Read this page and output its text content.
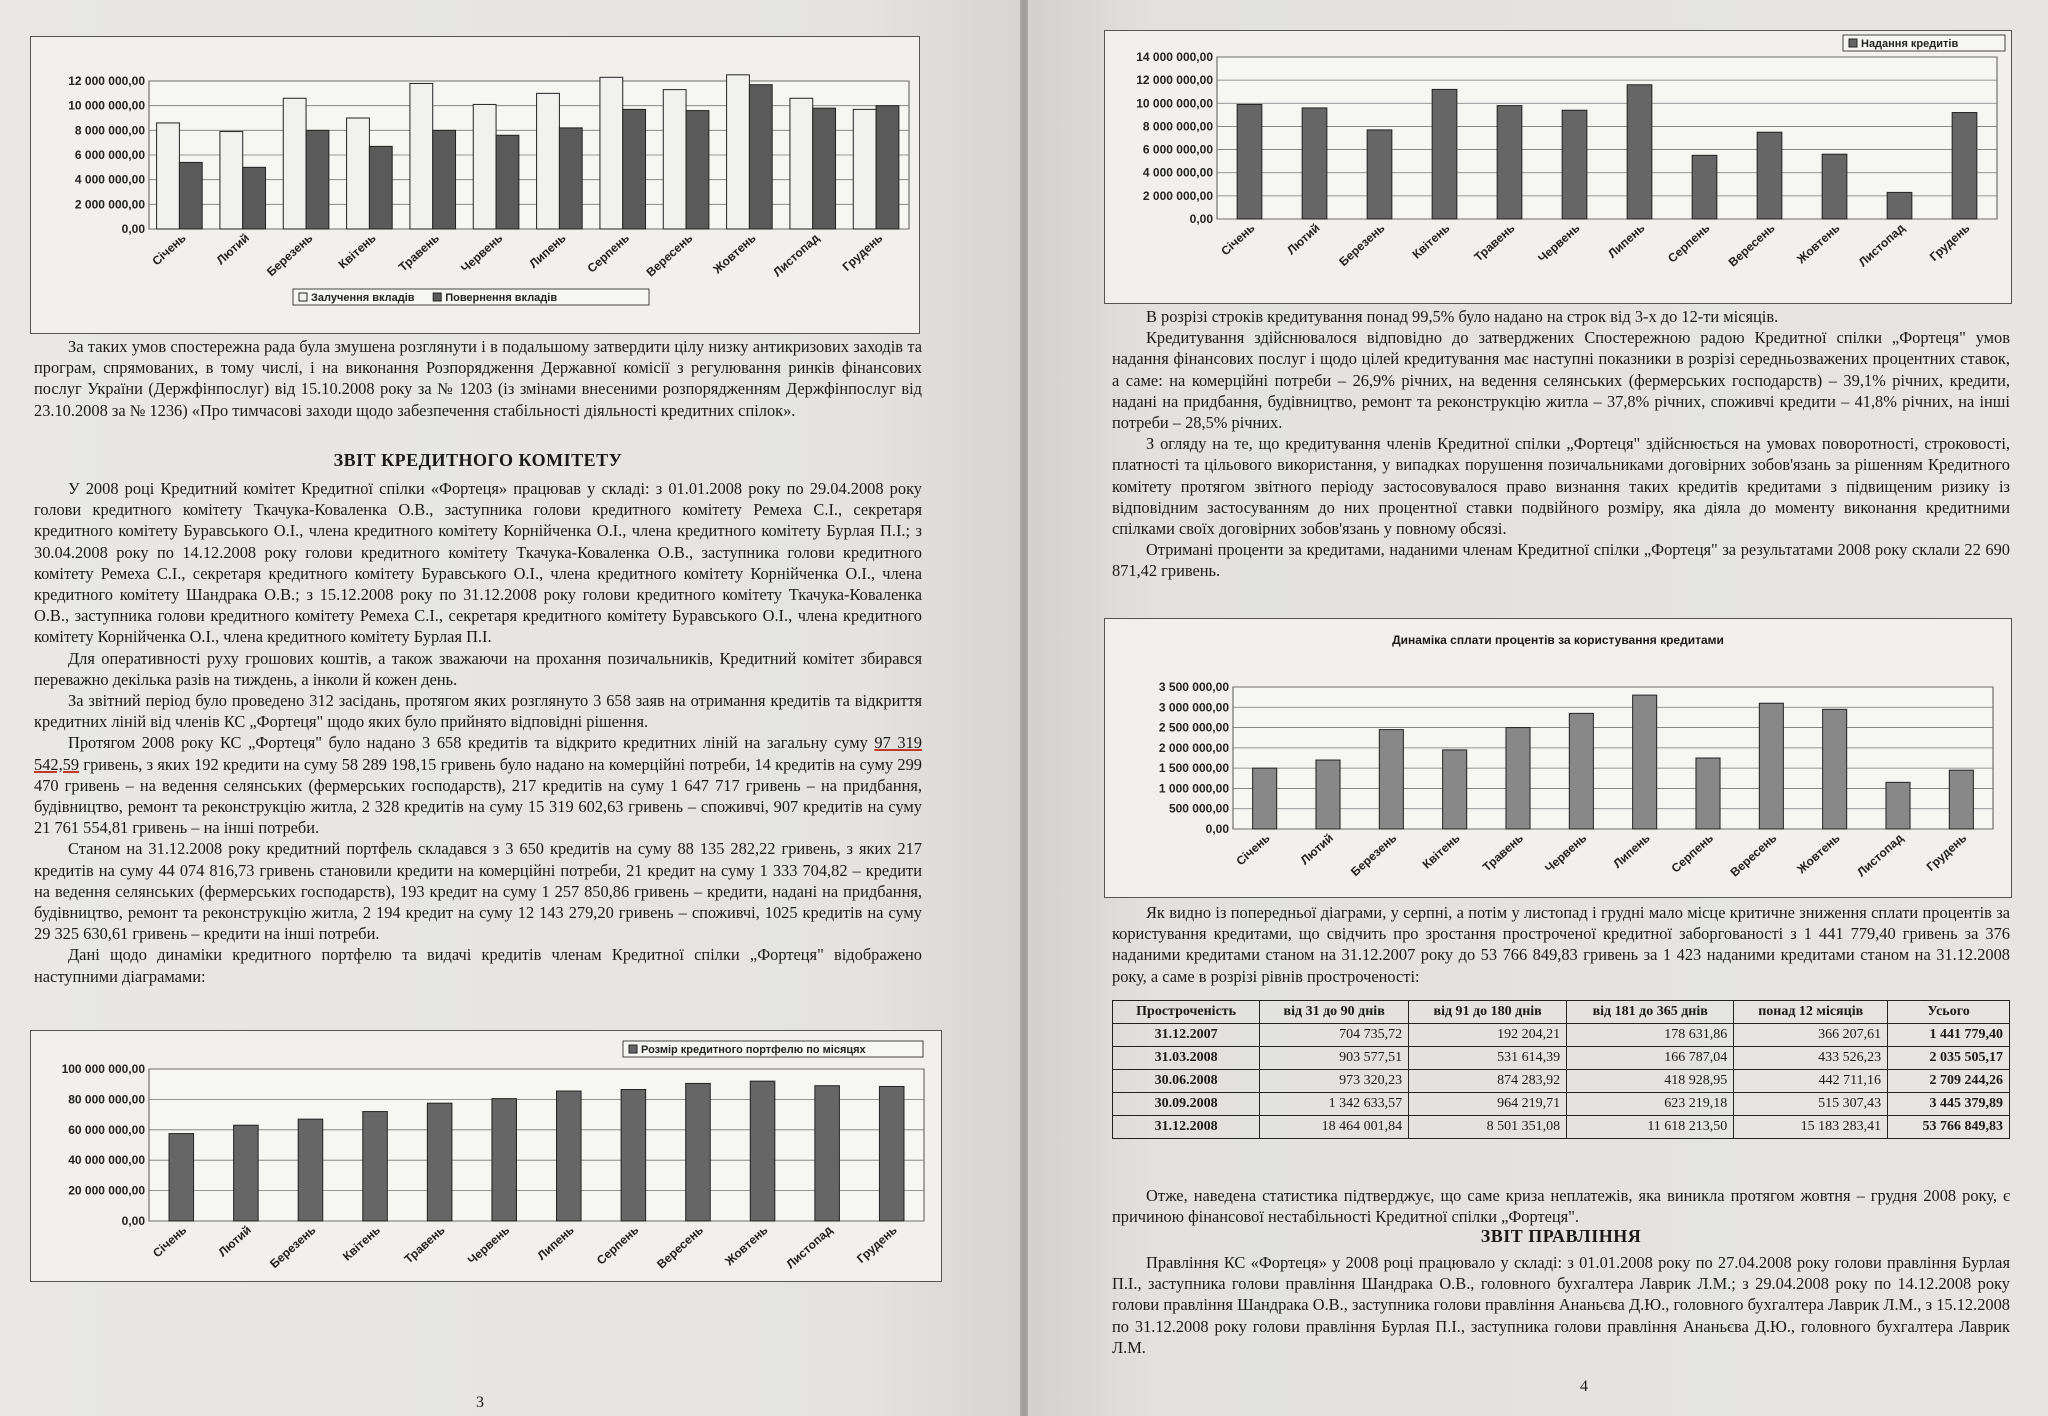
12 000 000,00
10 000 000,00
8 000 000,00
6 000 000,00
4 000 000,00
2 000 000,00
0,00
Січень Лютий Березень Квітень Травень Червень Липень Серпень Вересень Жовтень Листопад Грудень
Залучення вкладів	Повернення вкладів

За таких умов спостережна рада була змушена розглянути і в подальшому затвердити цілу низку антикризових заходів та програм, спрямованих, в тому числі, і на виконання Розпорядження Державної комісії з регулювання ринків фінансових послуг України (Держфінпослуг) від 15.10.2008 року за № 1203 (із змінами внесеними розпорядженням Держфінпослуг від 23.10.2008 за № 1236) «Про тимчасові заходи щодо забезпечення стабільності діяльності кредитних спілок».

ЗВІТ КРЕДИТНОГО КОМІТЕТУ

У 2008 році Кредитний комітет Кредитної спілки «Фортеця» працював у складі: з 01.01.2008 року по 29.04.2008 року голови кредитного комітету Ткачука-Коваленка О.В., заступника голови кредитного комітету Ремеха С.І., секретаря кредитного комітету Буравського О.І., члена кредитного комітету Корнійченка О.І., члена кредитного комітету Бурлая П.І.; з 30.04.2008 року по 14.12.2008 року голови кредитного комітету Ткачука-Коваленка О.В., заступника голови кредитного комітету Ремеха С.І., секретаря кредитного комітету Буравського О.І., члена кредитного комітету Корнійченка О.І., члена кредитного комітету Шандрака О.В.; з 15.12.2008 року по 31.12.2008 року голови кредитного комітету Ткачука-Коваленка О.В., заступника голови кредитного комітету Ремеха С.І., секретаря кредитного комітету Буравського О.І., члена кредитного комітету Корнійченка О.І., члена кредитного комітету Бурлая П.І.

Для оперативності руху грошових коштів, а також зважаючи на прохання позичальників, Кредитний комітет збирався переважно декілька разів на тиждень, а інколи й кожен день.

За звітний період було проведено 312 засідань, протягом яких розглянуто 3 658 заяв на отримання кредитів та відкриття кредитних ліній від членів КС „Фортеця" щодо яких було прийнято відповідні рішення.

Протягом 2008 року КС „Фортеця" було надано 3 658 кредитів та відкрито кредитних ліній на загальну суму 97 319 542,59 гривень, з яких 192 кредити на суму 58 289 198,15 гривень було надано на комерційні потреби, 14 кредитів на суму 299 470 гривень – на ведення селянських (фермерських господарств), 217 кредитів на суму 1 647 717 гривень – на придбання, будівництво, ремонт та реконструкцію житла, 2 328 кредитів на суму 15 319 602,63 гривень – споживчі, 907 кредитів на суму 21 761 554,81 гривень – на інші потреби.

Станом на 31.12.2008 року кредитний портфель складався з 3 650 кредитів на суму 88 135 282,22 гривень, з яких 217 кредитів на суму 44 074 816,73 гривень становили кредити на комерційні потреби, 21 кредит на суму 1 333 704,82 – кредити на ведення селянських (фермерських господарств), 193 кредит на суму 1 257 850,86 гривень – кредити, надані на придбання, будівництво, ремонт та реконструкцію житла, 2 194 кредит на суму 12 143 279,20 гривень – споживчі, 1025 кредитів на суму 29 325 630,61 гривень – кредити на інші потреби.

Дані щодо динаміки кредитного портфелю та видачі кредитів членам Кредитної спілки „Фортеця" відображено наступними діаграмами:

100 000 000,00
80 000 000,00
60 000 000,00
40 000 000,00
20 000 000,00
0,00
Січень Лютий Березень Квітень Травень Червень Липень Серпень Вересень Жовтень Листопад Грудень
Розмір кредитного портфелю по місяцях
3
14 000 000,00
12 000 000,00
10 000 000,00
8 000 000,00
6 000 000,00
4 000 000,00
2 000 000,00
0,00
Січень Лютий Березень Квітень Травень Червень Липень Серпень Вересень Жовтень Листопад Грудень
Надання кредитів

В розрізі строків кредитування понад 99,5% було надано на строк від 3-х до 12-ти місяців.

Кредитування здійснювалося відповідно до затверджених Спостережною радою Кредитної спілки „Фортеця" умов надання фінансових послуг і щодо цілей кредитування має наступні показники в розрізі середньозважених процентних ставок, а саме: на комерційні потреби – 26,9% річних, на ведення селянських (фермерських господарств) – 39,1% річних, кредити, надані на придбання, будівництво, ремонт та реконструкцію житла – 37,8% річних, споживчі кредити – 41,8% річних, на інші потреби – 28,5% річних.

З огляду на те, що кредитування членів Кредитної спілки „Фортеця" здійснюється на умовах поворотності, строковості, платності та цільового використання, у випадках порушення позичальниками договірних зобов'язань за рішенням Кредитного комітету протягом звітного періоду застосовувалося право визнання таких кредитів кредитами з підвищеним ризику із відповідним застосуванням до них процентної ставки подвійного розміру, яка діяла до моменту виконання кредитними спілками своїх договірних зобов'язань у повному обсязі.

Отримані проценти за кредитами, наданими членам Кредитної спілки „Фортеця" за результатами 2008 року склали 22 690 871,42 гривень.

Динаміка сплати процентів за користування кредитами
3 500 000,00
3 000 000,00
2 500 000,00
2 000 000,00
1 500 000,00
1 000 000,00
500 000,00
0,00
Січень Лютий Березень Квітень Травень Червень Липень Серпень Вересень Жовтень Листопад Грудень

Як видно із попередньої діаграми, у серпні, а потім у листопад і грудні мало місце критичне зниження сплати процентів за користування кредитами, що свідчить про зростання простроченої кредитної заборгованості з 1 441 779,40 гривень за 376 наданими кредитами станом на 31.12.2007 року до 53 766 849,83 гривень за 1 423 наданими кредитами станом на 31.12.2008 року, а саме в розрізі рівнів простроченості:

Простроченість	від 31 до 90 днів	від 91 до 180 днів	від 181 до 365 днів	понад 12 місяців	Усього
31.12.2007	704 735,72	192 204,21	178 631,86	366 207,61	1 441 779,40
31.03.2008	903 577,51	531 614,39	166 787,04	433 526,23	2 035 505,17
30.06.2008	973 320,23	874 283,92	418 928,95	442 711,16	2 709 244,26
30.09.2008	1 342 633,57	964 219,71	623 219,18	515 307,43	3 445 379,89
31.12.2008	18 464 001,84	8 501 351,08	11 618 213,50	15 183 283,41	53 766 849,83

Отже, наведена статистика підтверджує, що саме криза неплатежів, яка виникла протягом жовтня – грудня 2008 року, є причиною фінансової нестабільності Кредитної спілки „Фортеця".

ЗВІТ ПРАВЛІННЯ

Правління КС «Фортеця» у 2008 році працювало у складі: з 01.01.2008 року по 27.04.2008 року голови правління Бурлая П.І., заступника голови правління Шандрака О.В., головного бухгалтера Лаврик Л.М.; з 29.04.2008 року по 14.12.2008 року голови правління Шандрака О.В., заступника голови правління Ананьєва Д.Ю., головного бухгалтера Лаврик Л.М., з 15.12.2008 по 31.12.2008 року голови правління Бурлая П.І., заступника голови правління Ананьєва Д.Ю., головного бухгалтера Лаврик Л.М.

4
